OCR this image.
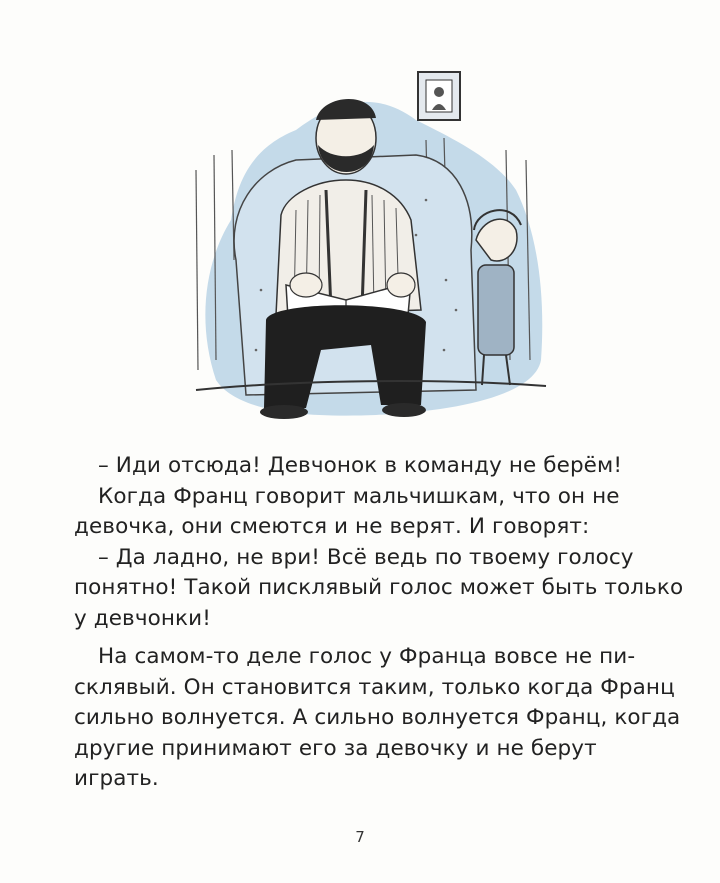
– Иди отсюда! Девчонок в команду не берём!
Когда Франц говорит мальчишкам, что он не
девочка, они смеются и не верят. И говорят:
– Да ладно, не ври! Всё ведь по твоему голосу
понятно! Такой писклявый голос может быть только
у девчонки!
На самом-то деле голос у Франца вовсе не пи-
склявый. Он становится таким, только когда Франц
сильно волнуется. А сильно волнуется Франц, когда
другие принимают его за девочку и не берут
играть.
7
